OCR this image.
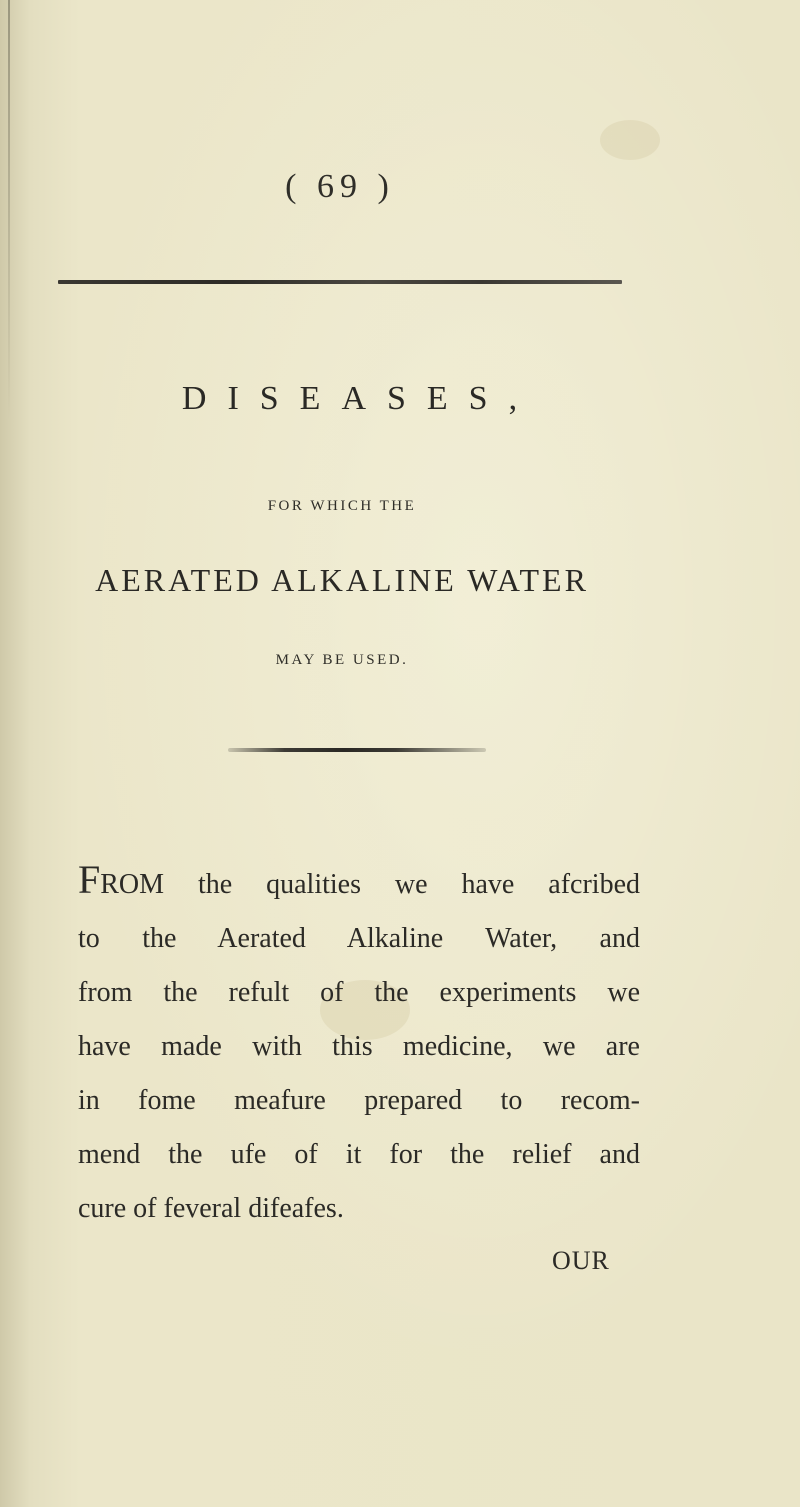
( 69 )
DISEASES,
FOR WHICH THE
AERATED ALKALINE WATER
MAY BE USED.
FROM the qualities we have afcribed
to the Aerated Alkaline Water, and
from the refult of the experiments we
have made with this medicine, we are
in fome meafure prepared to recom-
mend the ufe of it for the relief and
cure of feveral difeafes.
OUR
